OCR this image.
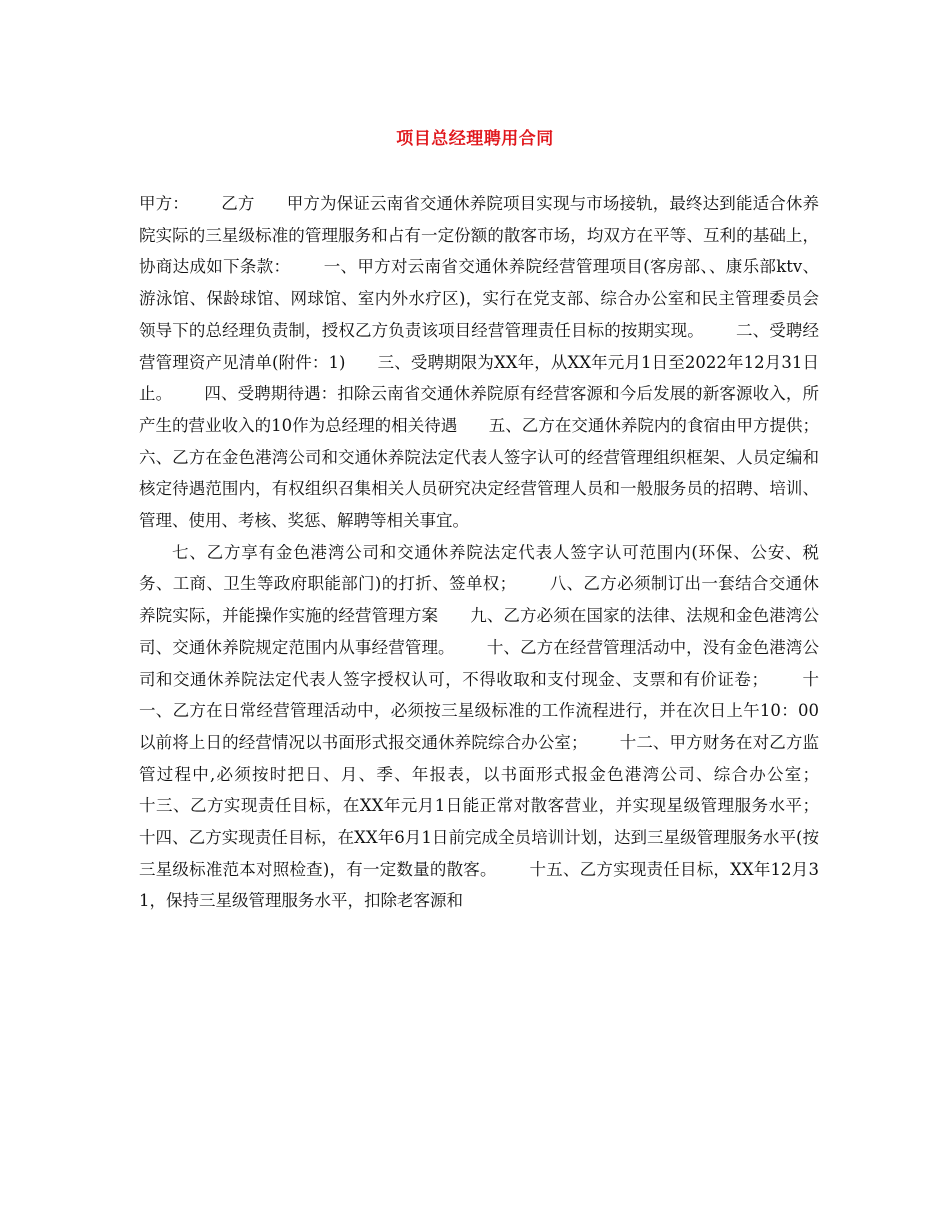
项目总经理聘用合同

甲方：      乙方      甲方为保证云南省交通休养院项目实现与市场接轨，最终达到能适合休养院实际的三星级标准的管理服务和占有一定份额的散客市场，均双方在平等、互利的基础上，协商达成如下条款：      一、甲方对云南省交通休养院经营管理项目(客房部、、康乐部ktv、游泳馆、保龄球馆、网球馆、室内外水疗区)，实行在党支部、综合办公室和民主管理委员会领导下的总经理负责制，授权乙方负责该项目经营管理责任目标的按期实现。      二、受聘经营管理资产见清单(附件：1)      三、受聘期限为XX年，从XX年元月1日至2022年12月31日止。      四、受聘期待遇：扣除云南省交通休养院原有经营客源和今后发展的新客源收入，所产生的营业收入的10作为总经理的相关待遇      五、乙方在交通休养院内的食宿由甲方提供；      六、乙方在金色港湾公司和交通休养院法定代表人签字认可的经营管理组织框架、人员定编和核定待遇范围内，有权组织召集相关人员研究决定经营管理人员和一般服务员的招聘、培训、管理、使用、考核、奖惩、解聘等相关事宜。

七、乙方享有金色港湾公司和交通休养院法定代表人签字认可范围内(环保、公安、税务、工商、卫生等政府职能部门)的打折、签单权；      八、乙方必须制订出一套结合交通休养院实际，并能操作实施的经营管理方案      九、乙方必须在国家的法律、法规和金色港湾公司、交通休养院规定范围内从事经营管理。      十、乙方在经营管理活动中，没有金色港湾公司和交通休养院法定代表人签字授权认可，不得收取和支付现金、支票和有价证卷；      十一、乙方在日常经营管理活动中，必须按三星级标准的工作流程进行，并在次日上午10：00以前将上日的经营情况以书面形式报交通休养院综合办公室；      十二、甲方财务在对乙方监管过程中,必须按时把日、月、季、年报表，以书面形式报金色港湾公司、综合办公室；      十三、乙方实现责任目标，在XX年元月1日能正常对散客营业，并实现星级管理服务水平；      十四、乙方实现责任目标，在XX年6月1日前完成全员培训计划，达到三星级管理服务水平(按三星级标准范本对照检查)，有一定数量的散客。      十五、乙方实现责任目标，XX年12月31，保持三星级管理服务水平，扣除老客源和
